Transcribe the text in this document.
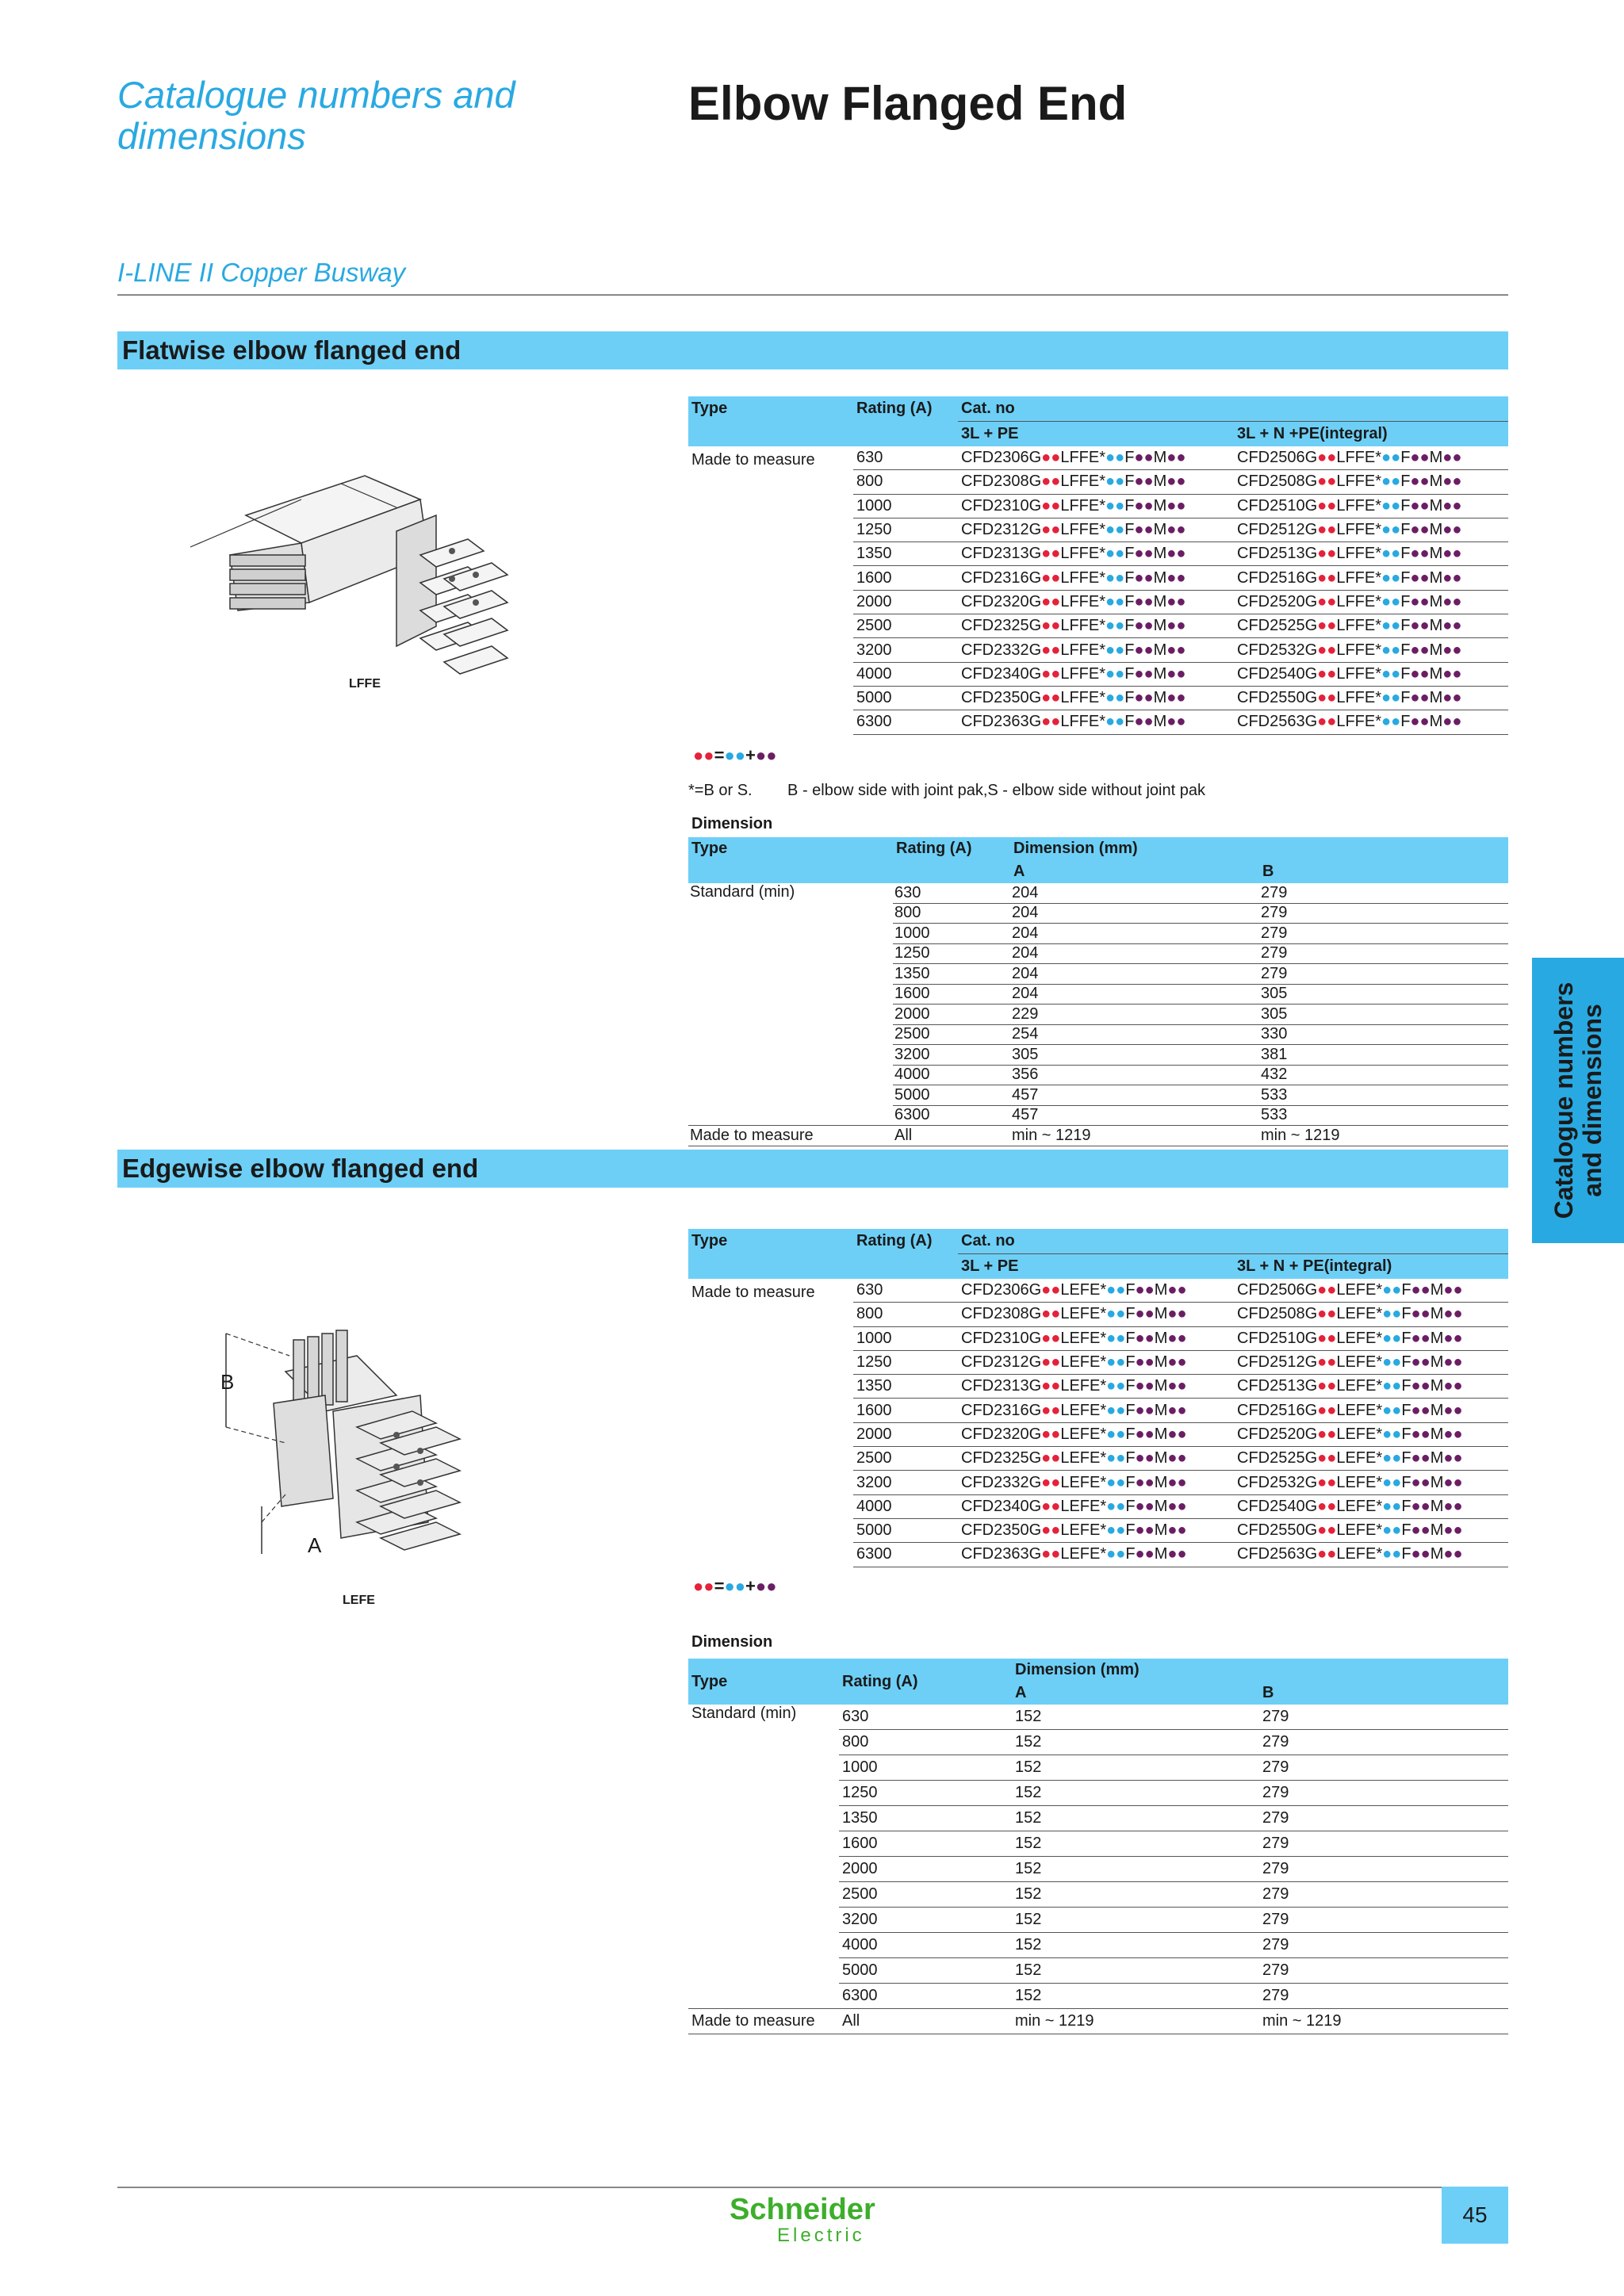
Catalogue numbers and
dimensions
Elbow Flanged End
I-LINE II Copper Busway
Catalogue numbers and dimensions
Flatwise elbow flanged end
LFFE
Type	Rating (A)	Cat. no	
		3L + PE	3L + N +PE(integral)
Made to measure	630	CFD2306G●●LFFE*●●F●●M●●	CFD2506G●●LFFE*●●F●●M●●
	800	CFD2308G●●LFFE*●●F●●M●●	CFD2508G●●LFFE*●●F●●M●●
	1000	CFD2310G●●LFFE*●●F●●M●●	CFD2510G●●LFFE*●●F●●M●●
	1250	CFD2312G●●LFFE*●●F●●M●●	CFD2512G●●LFFE*●●F●●M●●
	1350	CFD2313G●●LFFE*●●F●●M●●	CFD2513G●●LFFE*●●F●●M●●
	1600	CFD2316G●●LFFE*●●F●●M●●	CFD2516G●●LFFE*●●F●●M●●
	2000	CFD2320G●●LFFE*●●F●●M●●	CFD2520G●●LFFE*●●F●●M●●
	2500	CFD2325G●●LFFE*●●F●●M●●	CFD2525G●●LFFE*●●F●●M●●
	3200	CFD2332G●●LFFE*●●F●●M●●	CFD2532G●●LFFE*●●F●●M●●
	4000	CFD2340G●●LFFE*●●F●●M●●	CFD2540G●●LFFE*●●F●●M●●
	5000	CFD2350G●●LFFE*●●F●●M●●	CFD2550G●●LFFE*●●F●●M●●
	6300	CFD2363G●●LFFE*●●F●●M●●	CFD2563G●●LFFE*●●F●●M●●
●●=●●+●●
*=B or S.        B - elbow side with joint pak,S - elbow side without joint pak
Dimension
Type	Rating (A)	Dimension (mm)	
		A	B
Standard (min)	630	204	279
	800	204	279
	1000	204	279
	1250	204	279
	1350	204	279
	1600	204	305
	2000	229	305
	2500	254	330
	3200	305	381
	4000	356	432
	5000	457	533
	6300	457	533
Made to measure	All	min ~ 1219	min ~ 1219
Edgewise elbow flanged end
B
A
LEFE
Type	Rating (A)	Cat. no	
		3L + PE	3L + N + PE(integral)
Made to measure	630	CFD2306G●●LEFE*●●F●●M●●	CFD2506G●●LEFE*●●F●●M●●
	800	CFD2308G●●LEFE*●●F●●M●●	CFD2508G●●LEFE*●●F●●M●●
	1000	CFD2310G●●LEFE*●●F●●M●●	CFD2510G●●LEFE*●●F●●M●●
	1250	CFD2312G●●LEFE*●●F●●M●●	CFD2512G●●LEFE*●●F●●M●●
	1350	CFD2313G●●LEFE*●●F●●M●●	CFD2513G●●LEFE*●●F●●M●●
	1600	CFD2316G●●LEFE*●●F●●M●●	CFD2516G●●LEFE*●●F●●M●●
	2000	CFD2320G●●LEFE*●●F●●M●●	CFD2520G●●LEFE*●●F●●M●●
	2500	CFD2325G●●LEFE*●●F●●M●●	CFD2525G●●LEFE*●●F●●M●●
	3200	CFD2332G●●LEFE*●●F●●M●●	CFD2532G●●LEFE*●●F●●M●●
	4000	CFD2340G●●LEFE*●●F●●M●●	CFD2540G●●LEFE*●●F●●M●●
	5000	CFD2350G●●LEFE*●●F●●M●●	CFD2550G●●LEFE*●●F●●M●●
	6300	CFD2363G●●LEFE*●●F●●M●●	CFD2563G●●LEFE*●●F●●M●●
●●=●●+●●
Dimension
Type	Rating (A)	Dimension (mm)	
		A	B
Standard (min)	630	152	279
	800	152	279
	1000	152	279
	1250	152	279
	1350	152	279
	1600	152	279
	2000	152	279
	2500	152	279
	3200	152	279
	4000	152	279
	5000	152	279
	6300	152	279
Made to measure	All	min ~ 1219	min ~ 1219
Schneider
Electric
45
